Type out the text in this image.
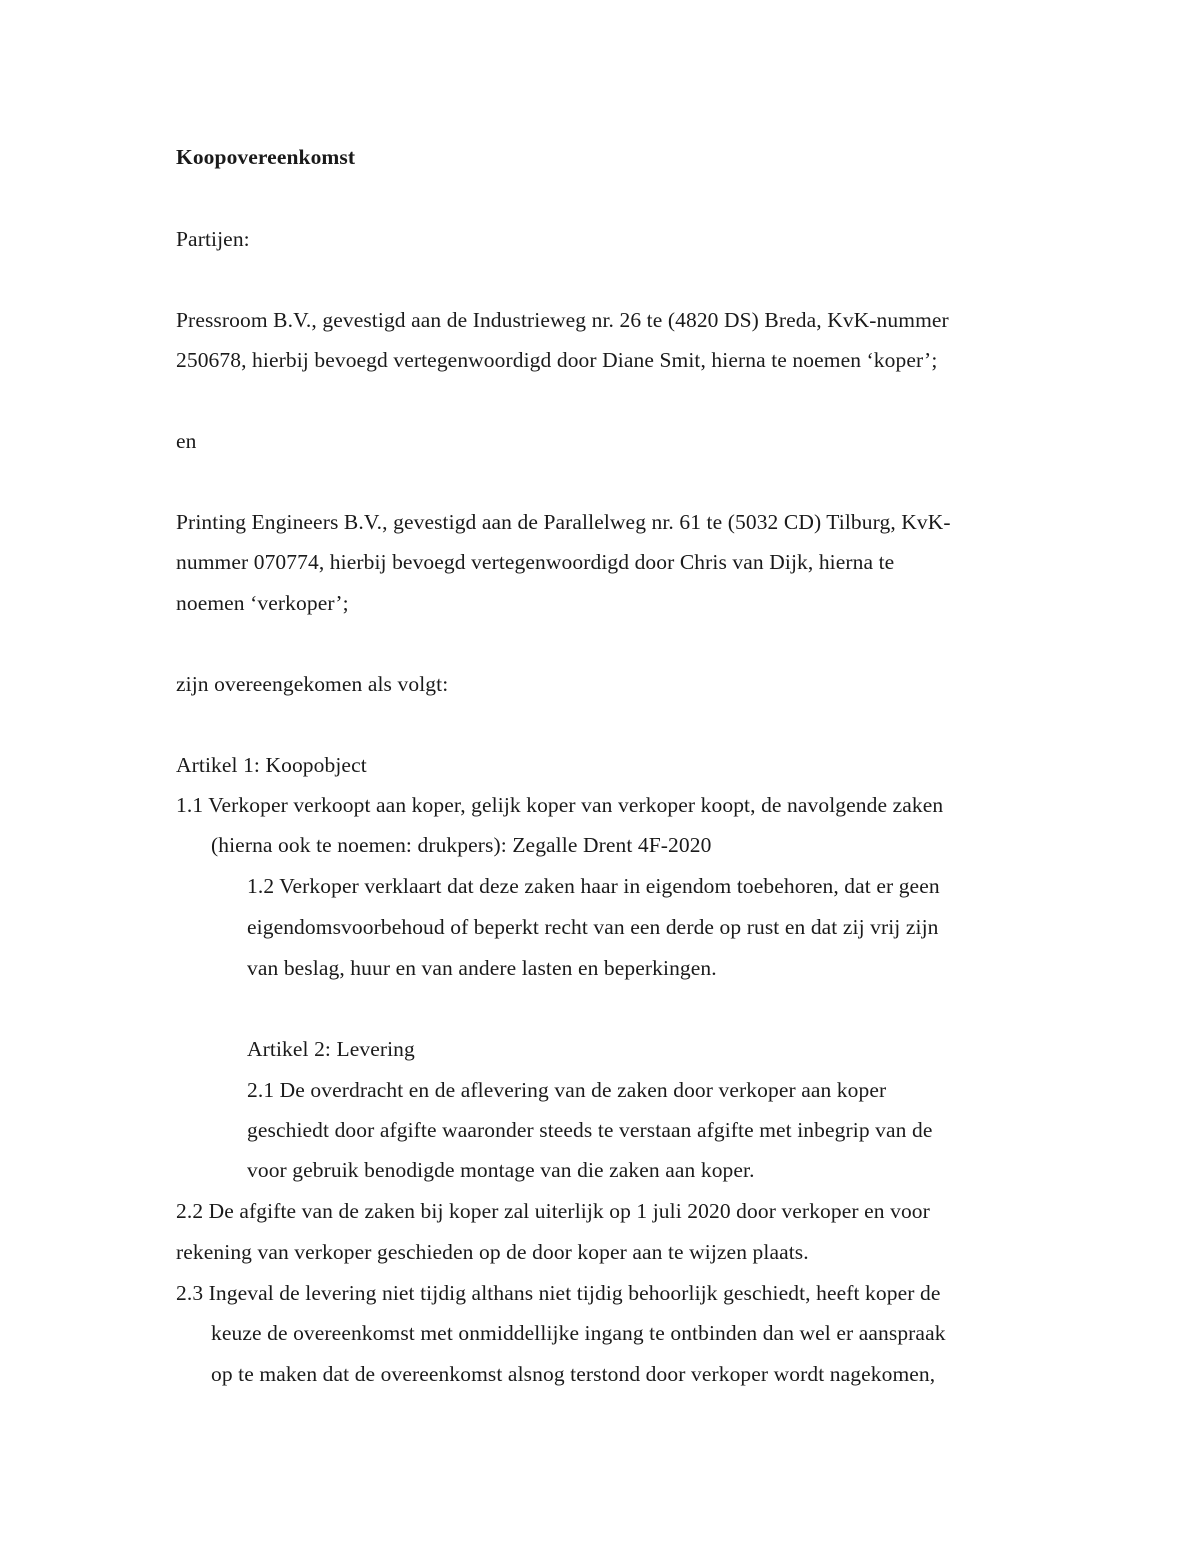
Koopovereenkomst
Partijen:
Pressroom B.V., gevestigd aan de Industrieweg nr. 26 te (4820 DS) Breda, KvK-nummer
250678, hierbij bevoegd vertegenwoordigd door Diane Smit, hierna te noemen ‘koper’;
en
Printing Engineers B.V., gevestigd aan de Parallelweg nr. 61 te (5032 CD) Tilburg, KvK-
nummer 070774, hierbij bevoegd vertegenwoordigd door Chris van Dijk, hierna te
noemen ‘verkoper’;
zijn overeengekomen als volgt:
Artikel 1: Koopobject
1.1 Verkoper verkoopt aan koper, gelijk koper van verkoper koopt, de navolgende zaken
(hierna ook te noemen: drukpers): Zegalle Drent 4F-2020
1.2 Verkoper verklaart dat deze zaken haar in eigendom toebehoren, dat er geen
eigendomsvoorbehoud of beperkt recht van een derde op rust en dat zij vrij zijn
van beslag, huur en van andere lasten en beperkingen.
Artikel 2: Levering
2.1 De overdracht en de aflevering van de zaken door verkoper aan koper
geschiedt door afgifte waaronder steeds te verstaan afgifte met inbegrip van de
voor gebruik benodigde montage van die zaken aan koper.
2.2 De afgifte van de zaken bij koper zal uiterlijk op 1 juli 2020 door verkoper en voor
rekening van verkoper geschieden op de door koper aan te wijzen plaats.
2.3 Ingeval de levering niet tijdig althans niet tijdig behoorlijk geschiedt, heeft koper de
keuze de overeenkomst met onmiddellijke ingang te ontbinden dan wel er aanspraak
op te maken dat de overeenkomst alsnog terstond door verkoper wordt nagekomen,
